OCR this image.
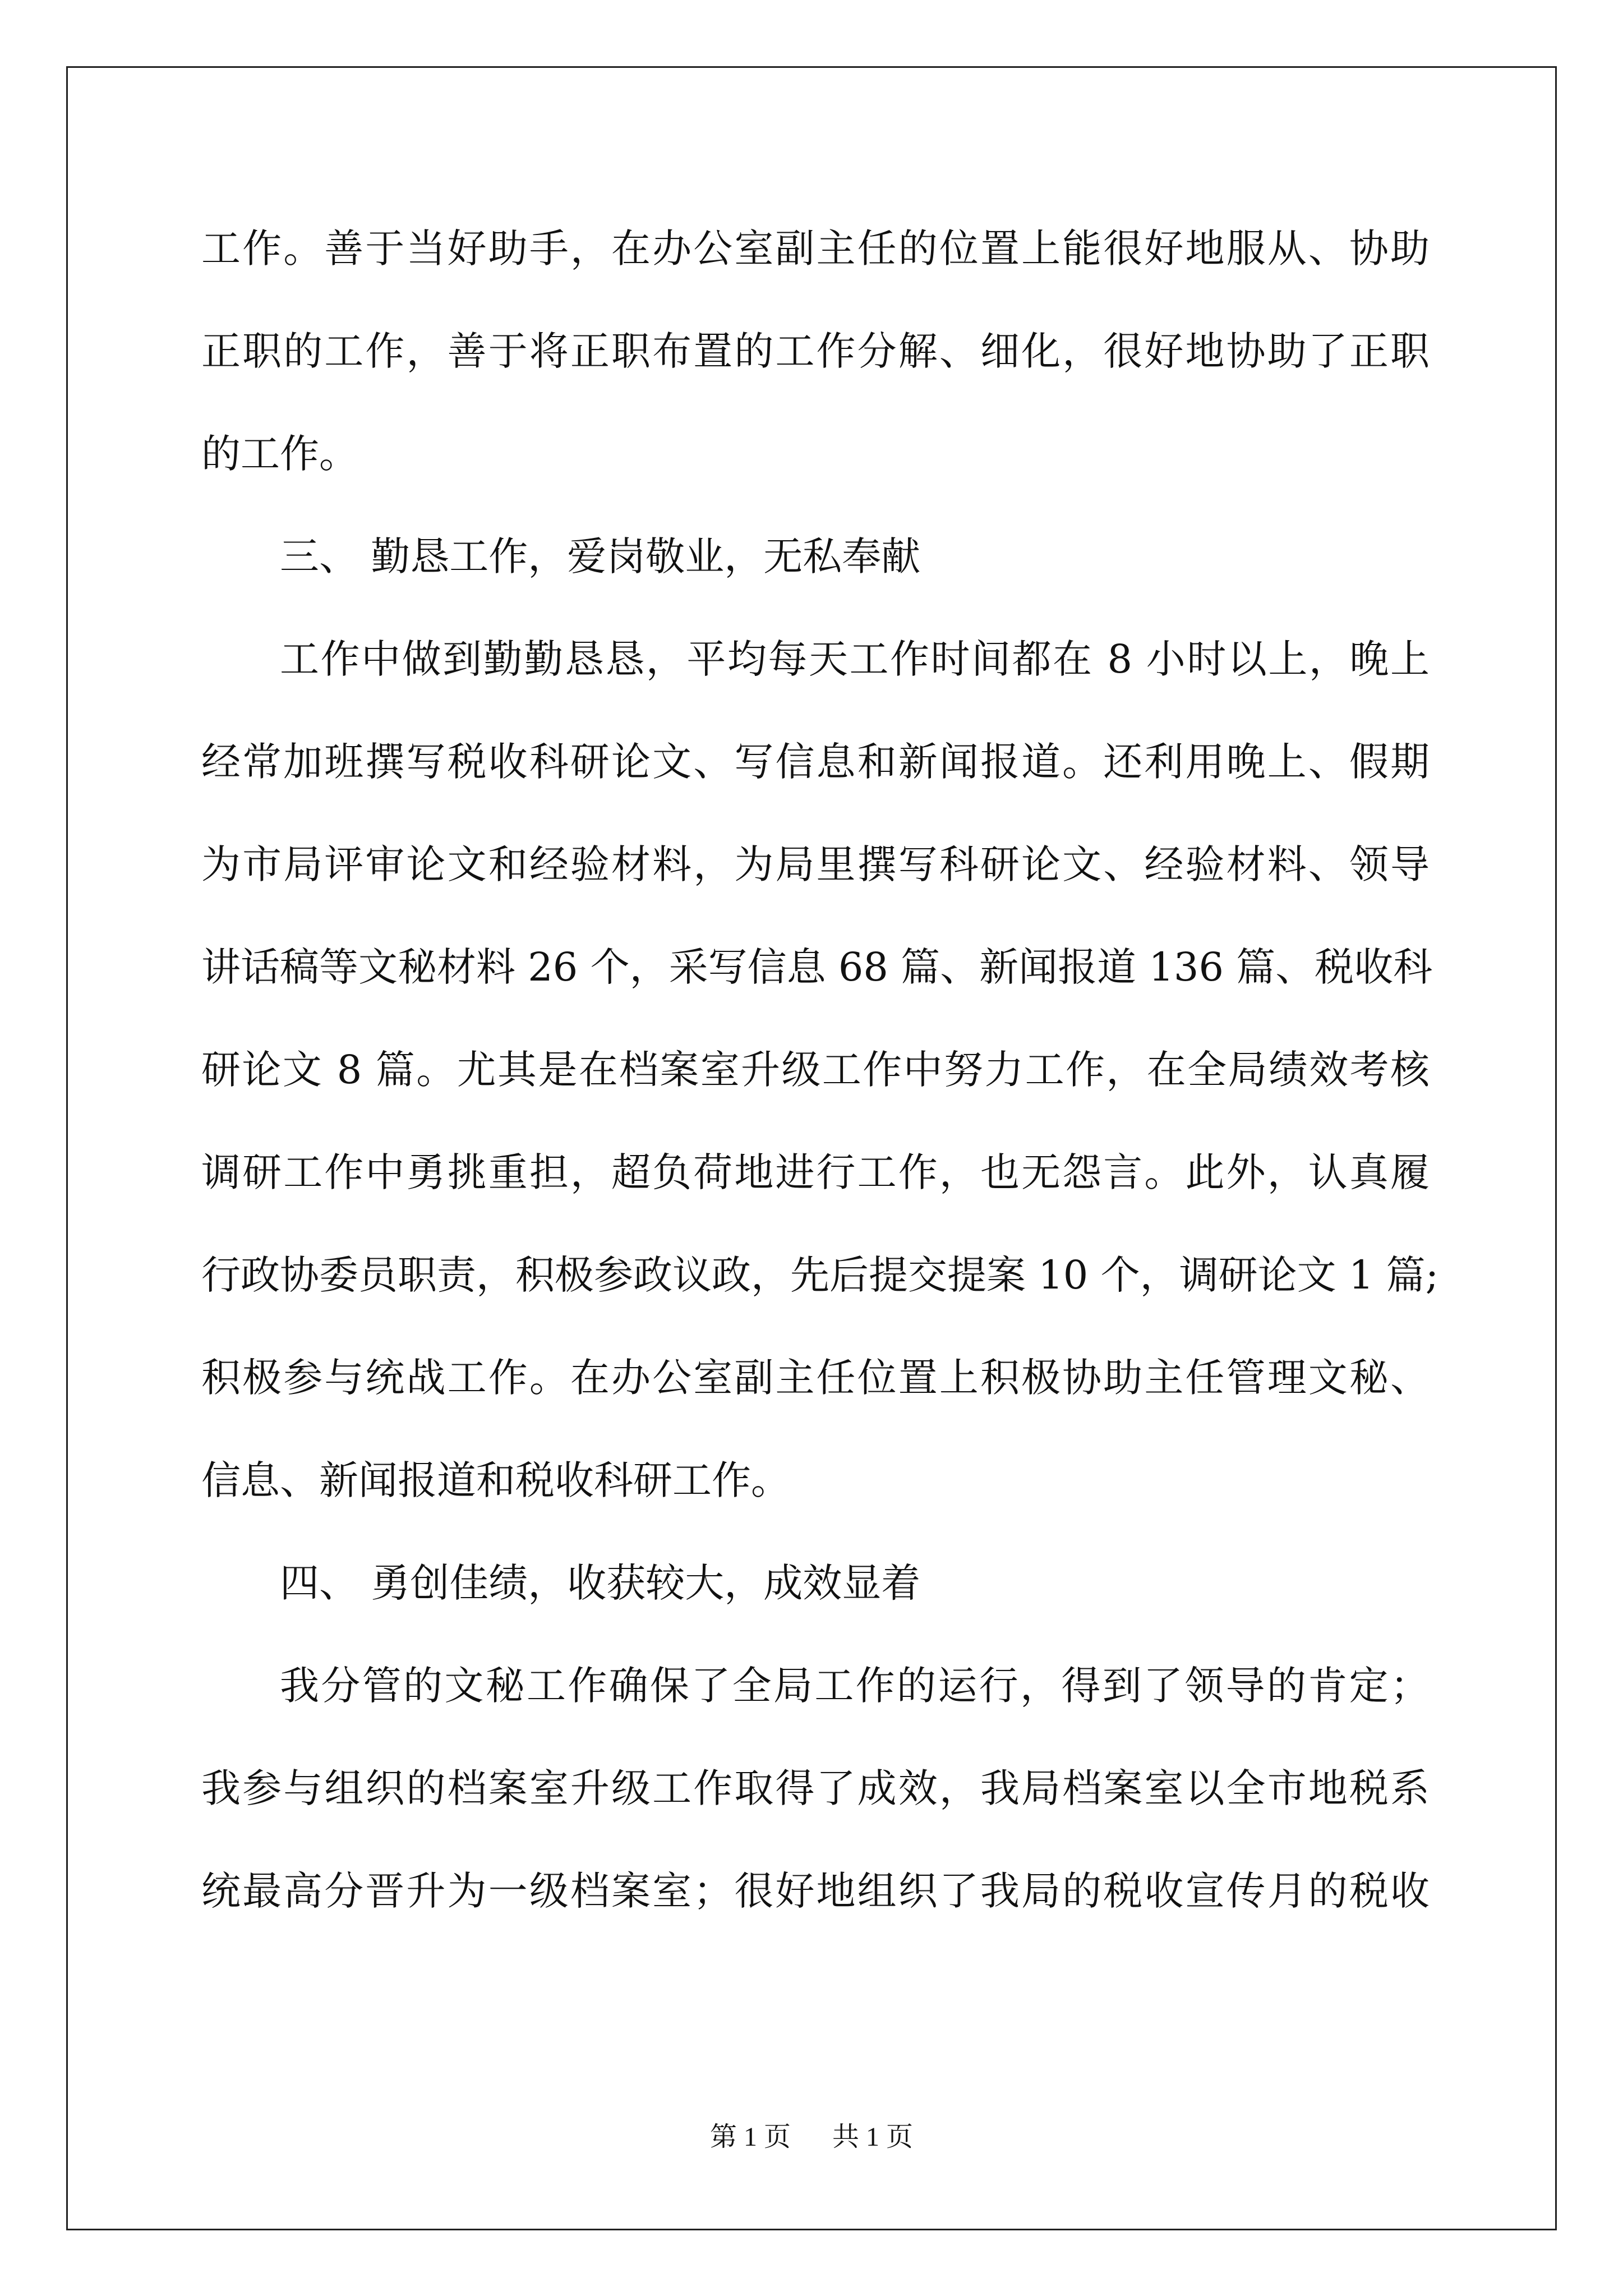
工作。善于当好助手，在办公室副主任的位置上能很好地服从、协助
正职的工作，善于将正职布置的工作分解、细化，很好地协助了正职
的工作。
三、 勤恳工作，爱岗敬业，无私奉献
工作中做到勤勤恳恳，平均每天工作时间都在 8 小时以上，晚上
经常加班撰写税收科研论文、写信息和新闻报道。还利用晚上、假期
为市局评审论文和经验材料，为局里撰写科研论文、经验材料、领导
讲话稿等文秘材料 26 个，采写信息 68 篇、新闻报道 136 篇、税收科
研论文 8 篇。尤其是在档案室升级工作中努力工作，在全局绩效考核
调研工作中勇挑重担，超负荷地进行工作，也无怨言。此外，认真履
行政协委员职责，积极参政议政，先后提交提案 10 个，调研论文 1 篇;
积极参与统战工作。在办公室副主任位置上积极协助主任管理文秘、
信息、新闻报道和税收科研工作。
四、 勇创佳绩，收获较大，成效显着
我分管的文秘工作确保了全局工作的运行，得到了领导的肯定；
我参与组织的档案室升级工作取得了成效，我局档案室以全市地税系
统最高分晋升为一级档案室；很好地组织了我局的税收宣传月的税收
第 1 页 共 1 页
